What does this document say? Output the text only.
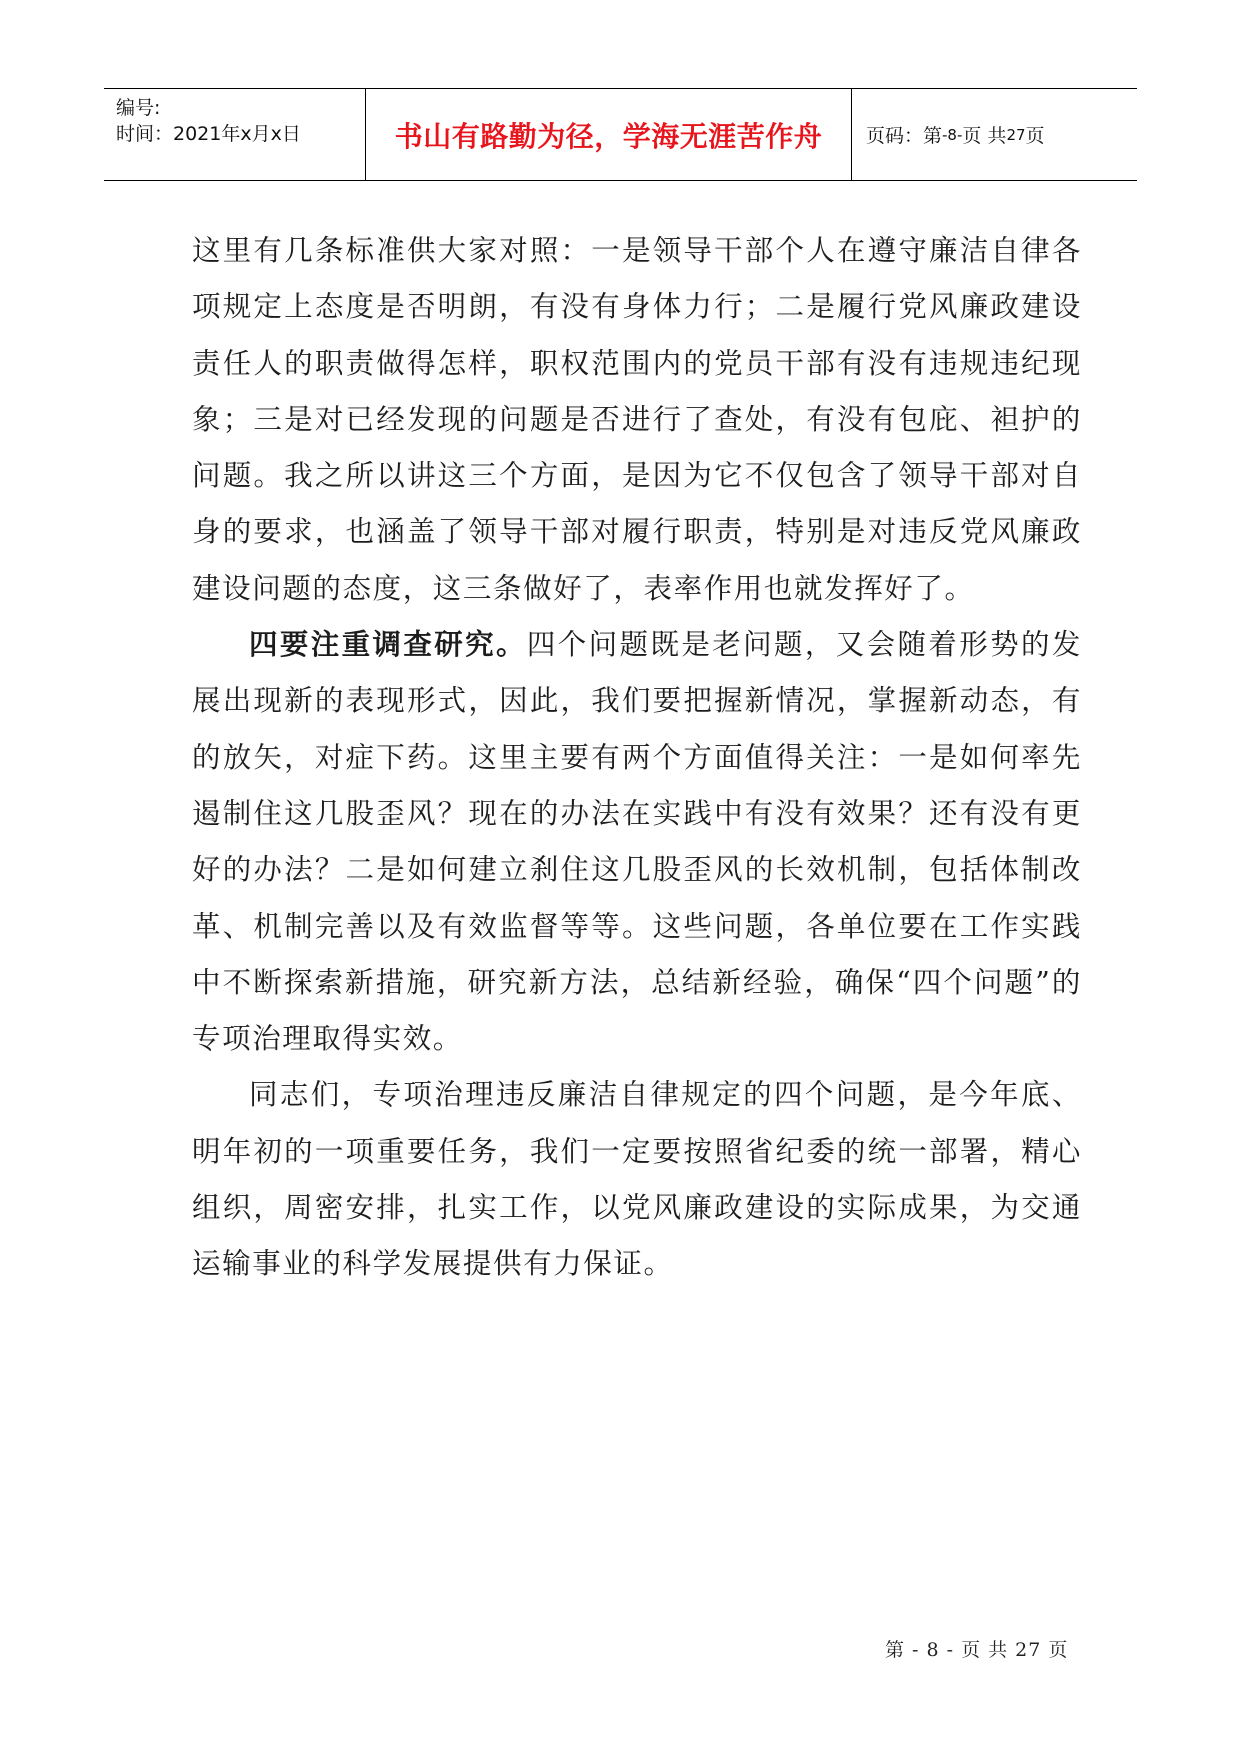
编号:
时间：2021年x月x日	书山有路勤为径，学海无涯苦作舟 页码：第 -8- 页 共 27 页

这里有几条标准供大家对照：一是领导干部个人在遵守廉洁自律各项规定上态度是否明朗，有没有身体力行；二是履行党风廉政建设责任人的职责做得怎样，职权范围内的党员干部有没有违规违纪现象；三是对已经发现的问题是否进行了查处，有没有包庇、袒护的问题。我之所以讲这三个方面，是因为它不仅包含了领导干部对自身的要求，也涵盖了领导干部对履行职责，特别是对违反党风廉政建设问题的态度，这三条做好了，表率作用也就发挥好了。

四要注重调查研究。四个问题既是老问题，又会随着形势的发展出现新的表现形式，因此，我们要把握新情况，掌握新动态，有的放矢，对症下药。这里主要有两个方面值得关注：一是如何率先遏制住这几股歪风？现在的办法在实践中有没有效果？还有没有更好的办法？二是如何建立刹住这几股歪风的长效机制，包括体制改革、机制完善以及有效监督等等。这些问题，各单位要在工作实践中不断探索新措施，研究新方法，总结新经验，确保“四个问题”的专项治理取得实效。

同志们，专项治理违反廉洁自律规定的四个问题，是今年底、明年初的一项重要任务，我们一定要按照省纪委的统一部署，精心组织，周密安排，扎实工作，以党风廉政建设的实际成果，为交通运输事业的科学发展提供有力保证。

第 - 8 - 页 共 27 页
